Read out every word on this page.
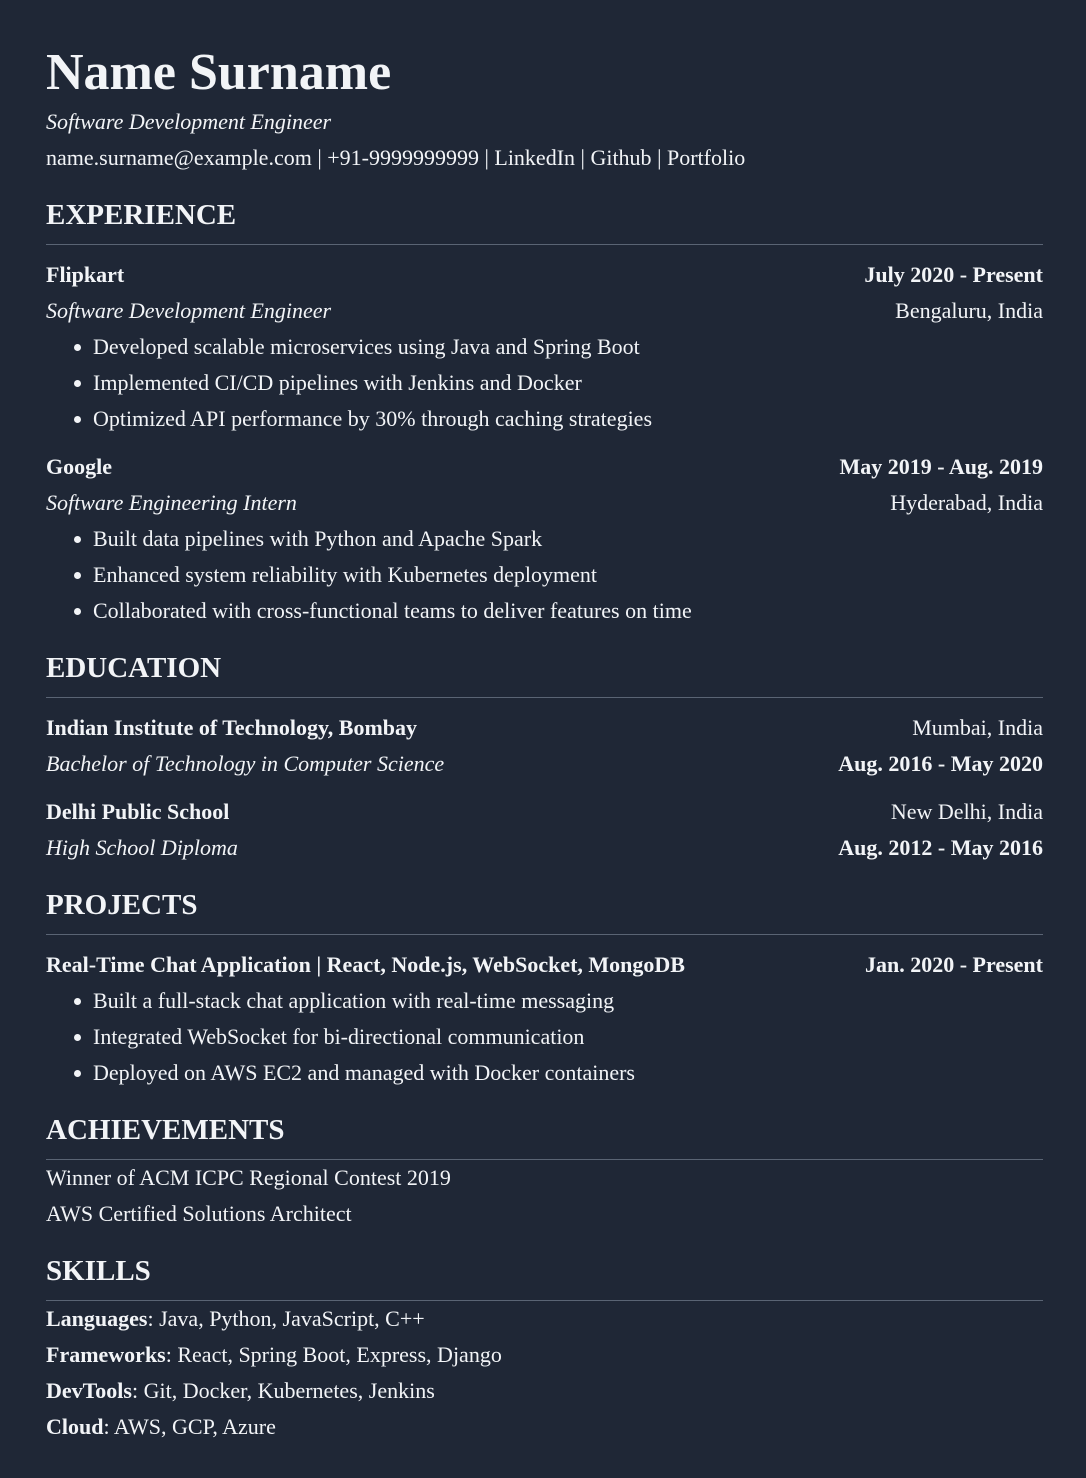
Name Surname
Software Development Engineer
name.surname@example.com | +91-9999999999 | LinkedIn | Github | Portfolio
EXPERIENCE
Flipkart	July 2020 - Present
Software Development Engineer	Bengaluru, India
Developed scalable microservices using Java and Spring Boot
Implemented CI/CD pipelines with Jenkins and Docker
Optimized API performance by 30% through caching strategies
Google	May 2019 - Aug. 2019
Software Engineering Intern	Hyderabad, India
Built data pipelines with Python and Apache Spark
Enhanced system reliability with Kubernetes deployment
Collaborated with cross-functional teams to deliver features on time
EDUCATION
Indian Institute of Technology, Bombay	Mumbai, India
Bachelor of Technology in Computer Science	Aug. 2016 - May 2020
Delhi Public School	New Delhi, India
High School Diploma	Aug. 2012 - May 2016
PROJECTS
Real-Time Chat Application | React, Node.js, WebSocket, MongoDB	Jan. 2020 - Present
Built a full-stack chat application with real-time messaging
Integrated WebSocket for bi-directional communication
Deployed on AWS EC2 and managed with Docker containers
ACHIEVEMENTS
Winner of ACM ICPC Regional Contest 2019
AWS Certified Solutions Architect
SKILLS
Languages: Java, Python, JavaScript, C++
Frameworks: React, Spring Boot, Express, Django
DevTools: Git, Docker, Kubernetes, Jenkins
Cloud: AWS, GCP, Azure
